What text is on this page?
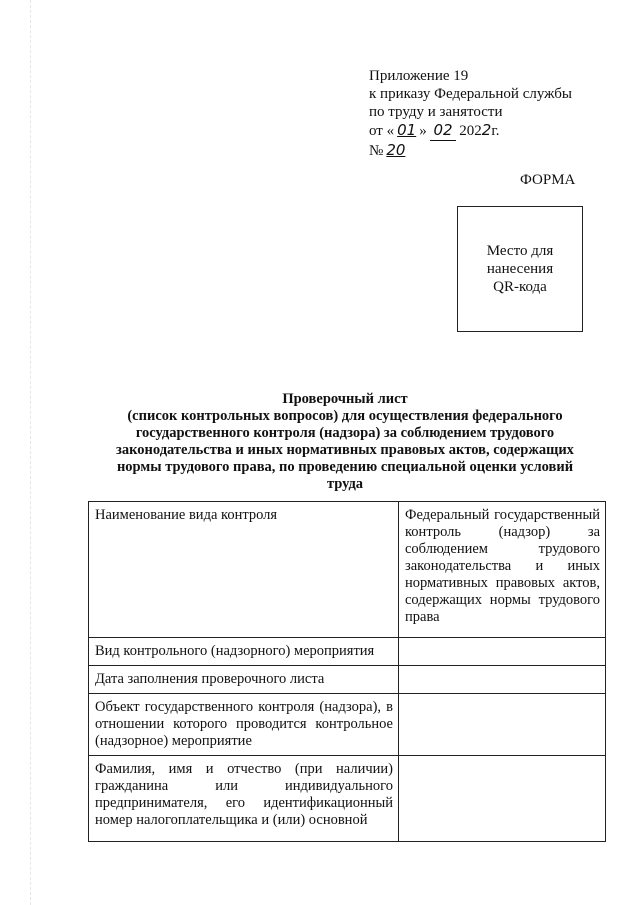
Приложение 19
к приказу Федеральной службы
по труду и занятости
от « 01 » 02 2022г.
№ 20
ФОРМА
Место для
нанесения
QR-кода
Проверочный лист
(список контрольных вопросов) для осуществления федерального
государственного контроля (надзора) за соблюдением трудового
законодательства и иных нормативных правовых актов, содержащих
нормы трудового права, по проведению специальной оценки условий
труда
Наименование вида контроля	Федеральный государственный контроль (надзор) за соблюдением трудового законодательства и иных нормативных правовых актов, содержащих нормы трудового права
Вид контрольного (надзорного) мероприятия	
Дата заполнения проверочного листа	
Объект государственного контроля (надзора), в отношении которого проводится контрольное (надзорное) мероприятие	
Фамилия, имя и отчество (при наличии) гражданина или индивидуального предпринимателя, его идентификационный номер налогоплательщика и (или) основной	
